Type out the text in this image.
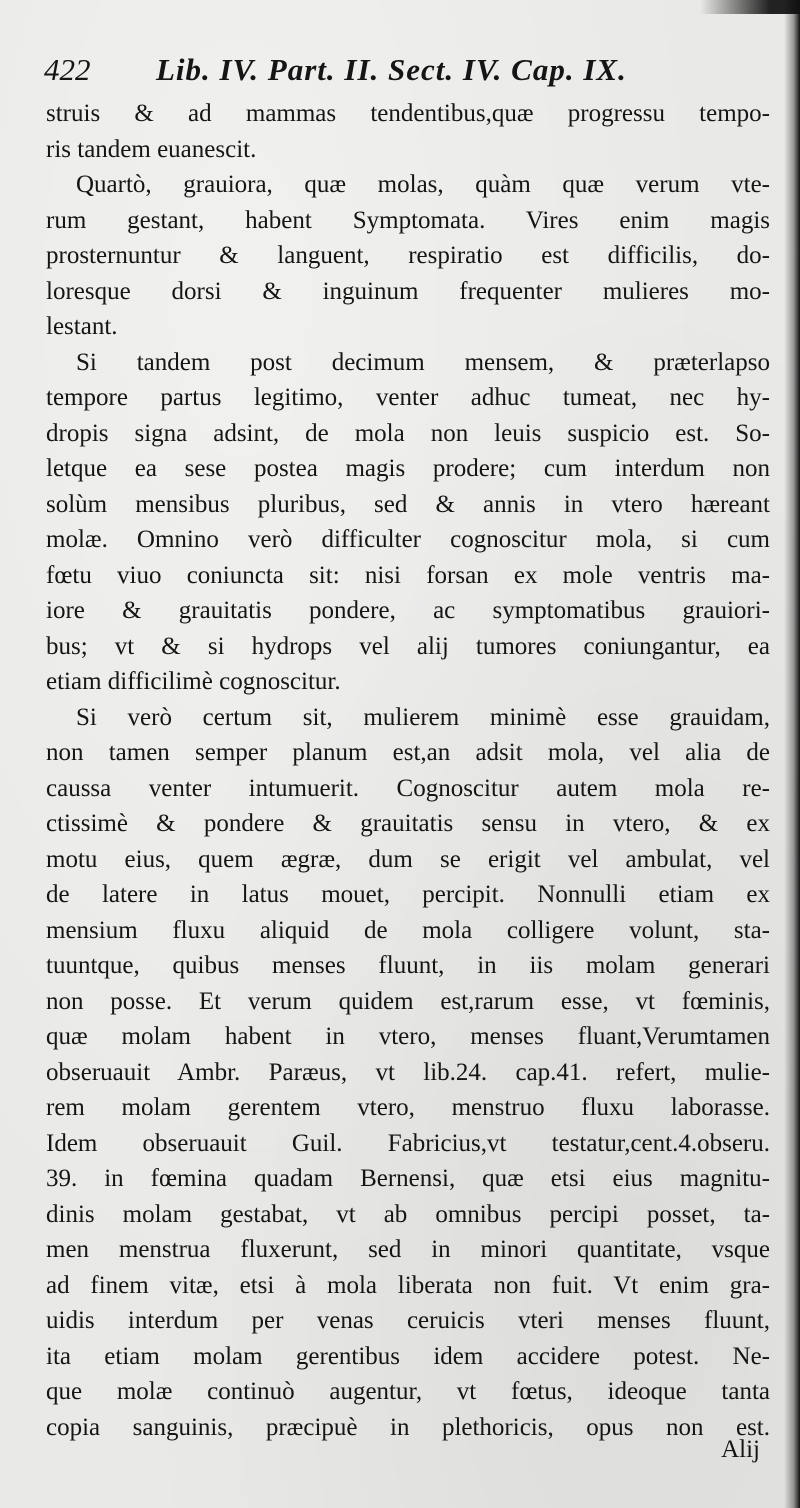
422 Lib. IV. Part. II. Sect. IV. Cap. IX.

struis & ad mammas tendentibus,quæ progressu tempo-
ris tandem euanescit.

Quartò, grauiora, quæ molas, quàm quæ verum vte-
rum gestant, habent Symptomata. Vires enim magis
prosternuntur & languent, respiratio est difficilis, do-
loresque dorsi & inguinum frequenter mulieres mo-
lestant.

Si tandem post decimum mensem, & præterlapso
tempore partus legitimo, venter adhuc tumeat, nec hy-
dropis signa adsint, de mola non leuis suspicio est. So-
letque ea sese postea magis prodere; cum interdum non
solùm mensibus pluribus, sed & annis in vtero hæreant
molæ. Omnino verò difficulter cognoscitur mola, si cum
fœtu viuo coniuncta sit: nisi forsan ex mole ventris ma-
iore & grauitatis pondere, ac symptomatibus grauiori-
bus; vt & si hydrops vel alij tumores coniungantur, ea
etiam difficilimè cognoscitur.

Si verò certum sit, mulierem minimè esse grauidam,
non tamen semper planum est,an adsit mola, vel alia de
caussa venter intumuerit. Cognoscitur autem mola re-
ctissimè & pondere & grauitatis sensu in vtero, & ex
motu eius, quem ægræ, dum se erigit vel ambulat, vel
de latere in latus mouet, percipit. Nonnulli etiam ex
mensium fluxu aliquid de mola colligere volunt, sta-
tuuntque, quibus menses fluunt, in iis molam generari
non posse. Et verum quidem est,rarum esse, vt fœminis,
quæ molam habent in vtero, menses fluant,Verumtamen
obseruauit Ambr. Paræus, vt lib.24. cap.41. refert, mulie-
rem molam gerentem vtero, menstruo fluxu laborasse.
Idem obseruauit Guil. Fabricius,vt testatur,cent.4.obseru.
39. in fœmina quadam Bernensi, quæ etsi eius magnitu-
dinis molam gestabat, vt ab omnibus percipi posset, ta-
men menstrua fluxerunt, sed in minori quantitate, vsque
ad finem vitæ, etsi à mola liberata non fuit. Vt enim gra-
uidis interdum per venas ceruicis vteri menses fluunt,
ita etiam molam gerentibus idem accidere potest. Ne-
que molæ continuò augentur, vt fœtus, ideoque tanta
copia sanguinis, præcipuè in plethoricis, opus non est.

Alij
